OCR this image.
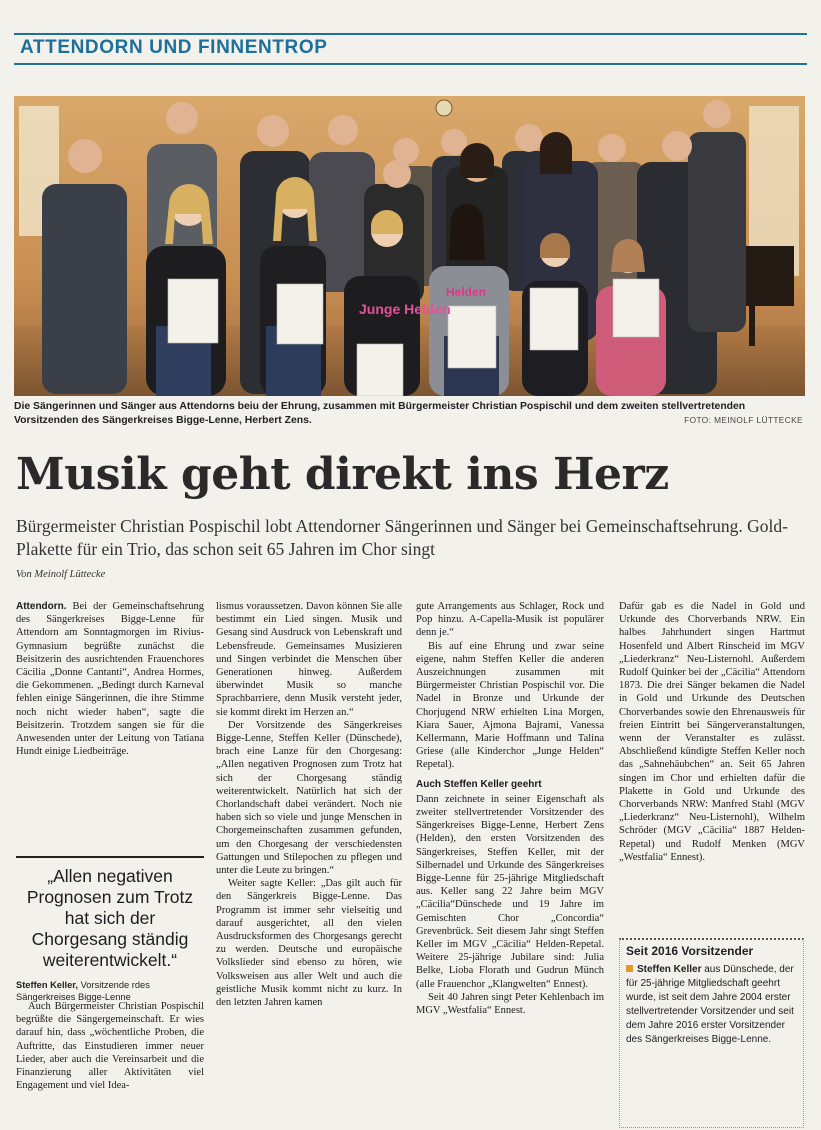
ATTENDORN UND FINNENTROP
Junge Helden
Helden
Die Sängerinnen und Sänger aus Attendorns beiu der Ehrung, zusammen mit Bürgermeister Christian Pospischil und dem zweiten stellvertretenden Vorsitzenden des Sängerkreises Bigge-Lenne, Herbert Zens.	FOTO: MEINOLF LÜTTECKE
Musik geht direkt ins Herz
Bürgermeister Christian Pospischil lobt Attendorner Sängerinnen und Sänger bei Gemeinschaftsehrung. Gold-Plakette für ein Trio, das schon seit 65 Jahren im Chor singt
Von Meinolf Lüttecke

Attendorn. Bei der Gemeinschaftsehrung des Sängerkreises Bigge-Lenne für Attendorn am Sonntagmorgen im Rivius-Gymnasium begrüßte zunächst die Beisitzerin des ausrichtenden Frauenchores Cäcilia „Donne Cantanti“, Andrea Hormes, die Gekommenen. „Bedingt durch Karneval fehlen einige Sängerinnen, die ihre Stimme noch nicht wieder haben“, sagte die Beisitzerin. Trotzdem sangen sie für die Anwesenden unter der Leitung von Tatiana Hundt einige Liedbeiträge.

„Allen negativen Prognosen zum Trotz hat sich der Chorgesang ständig weiterentwickelt.“
Steffen Keller, Vorsitzende rdes Sängerkreises Bigge-Lenne

Auch Bürgermeister Christian Pospischil begrüßte die Sängergemeinschaft. Er wies darauf hin, dass „wöchentliche Proben, die Auftritte, das Einstudieren immer neuer Lieder, aber auch die Vereinsarbeit und die Finanzierung aller Aktivitäten viel Engagement und viel Idea-

lismus voraussetzen. Davon können Sie alle bestimmt ein Lied singen. Musik und Gesang sind Ausdruck von Lebenskraft und Lebensfreude. Gemeinsames Musizieren und Singen verbindet die Menschen über Generationen hinweg. Außerdem überwindet Musik so manche Sprachbarriere, denn Musik versteht jeder, sie kommt direkt im Herzen an.“

Der Vorsitzende des Sängerkreises Bigge-Lenne, Steffen Keller (Dünschede), brach eine Lanze für den Chorgesang: „Allen negativen Prognosen zum Trotz hat sich der Chorgesang ständig weiterentwickelt. Natürlich hat sich der Chorlandschaft dabei verändert. Noch nie haben sich so viele und junge Menschen in Chorgemeinschaften zusammen gefunden, um den Chorgesang der verschiedensten Gattungen und Stilepochen zu pflegen und unter die Leute zu bringen.“

Weiter sagte Keller: „Das gilt auch für den Sängerkreis Bigge-Lenne. Das Programm ist immer sehr vielseitig und darauf ausgerichtet, all den vielen Ausdrucksformen des Chorgesangs gerecht zu werden. Deutsche und europäische Volkslieder sind ebenso zu hören, wie Volksweisen aus aller Welt und auch die geistliche Musik kommt nicht zu kurz. In den letzten Jahren kamen

gute Arrangements aus Schlager, Rock und Pop hinzu. A-Capella-Musik ist populärer denn je.“

Bis auf eine Ehrung und zwar seine eigene, nahm Steffen Keller die anderen Auszeichnungen zusammen mit Bürgermeister Christian Pospischil vor. Die Nadel in Bronze und Urkunde der Chorjugend NRW erhielten Lina Morgen, Kiara Sauer, Ajmona Bajrami, Vanessa Kellermann, Marie Hoffmann und Talina Griese (alle Kinderchor „Junge Helden“ Repetal).

Auch Steffen Keller geehrt

Dann zeichnete in seiner Eigenschaft als zweiter stellvertretender Vorsitzender des Sängerkreises Bigge-Lenne, Herbert Zens (Helden), den ersten Vorsitzenden des Sängerkreises, Steffen Keller, mit der Silbernadel und Urkunde des Sängerkreises Bigge-Lenne für 25-jährige Mitgliedschaft aus. Keller sang 22 Jahre beim MGV „Cäcilia“Dünschede und 19 Jahre im Gemischten Chor „Concordia“ Grevenbrück. Seit diesem Jahr singt Steffen Keller im MGV „Cäcilia“ Helden-Repetal. Weitere 25-jährige Jubilare sind: Julia Belke, Lioba Florath und Gudrun Münch (alle Frauenchor „Klangwelten“ Ennest).

Seit 40 Jahren singt Peter Kehlenbach im MGV „Westfalia“ Ennest.

Dafür gab es die Nadel in Gold und Urkunde des Chorverbands NRW. Ein halbes Jahrhundert singen Hartmut Hosenfeld und Albert Rinscheid im MGV „Liederkranz“ Neu-Listernohl. Außerdem Rudolf Quinker bei der „Cäcilia“ Attendorn 1873. Die drei Sänger bekamen die Nadel in Gold und Urkunde des Deutschen Chorverbandes sowie den Ehrenausweis für freien Eintritt bei Sängerveranstaltungen, wenn der Veranstalter es zulässt. Abschließend kündigte Steffen Keller noch das „Sahnehäubchen“ an. Seit 65 Jahren singen im Chor und erhielten dafür die Plakette in Gold und Urkunde des Chorverbands NRW: Manfred Stahl (MGV „Liederkranz“ Neu-Listernohl), Wilhelm Schröder (MGV „Cäcilia“ 1887 Helden-Repetal) und Rudolf Menken (MGV „Westfalia“ Ennest).

Seit 2016 Vorsitzender
Steffen Keller aus Dünschede, der für 25-jährige Mitgliedschaft geehrt wurde, ist seit dem Jahre 2004 erster stellvertretender Vorsitzender und seit dem Jahre 2016 erster Vorsitzender des Sängerkreises Bigge-Lenne.
